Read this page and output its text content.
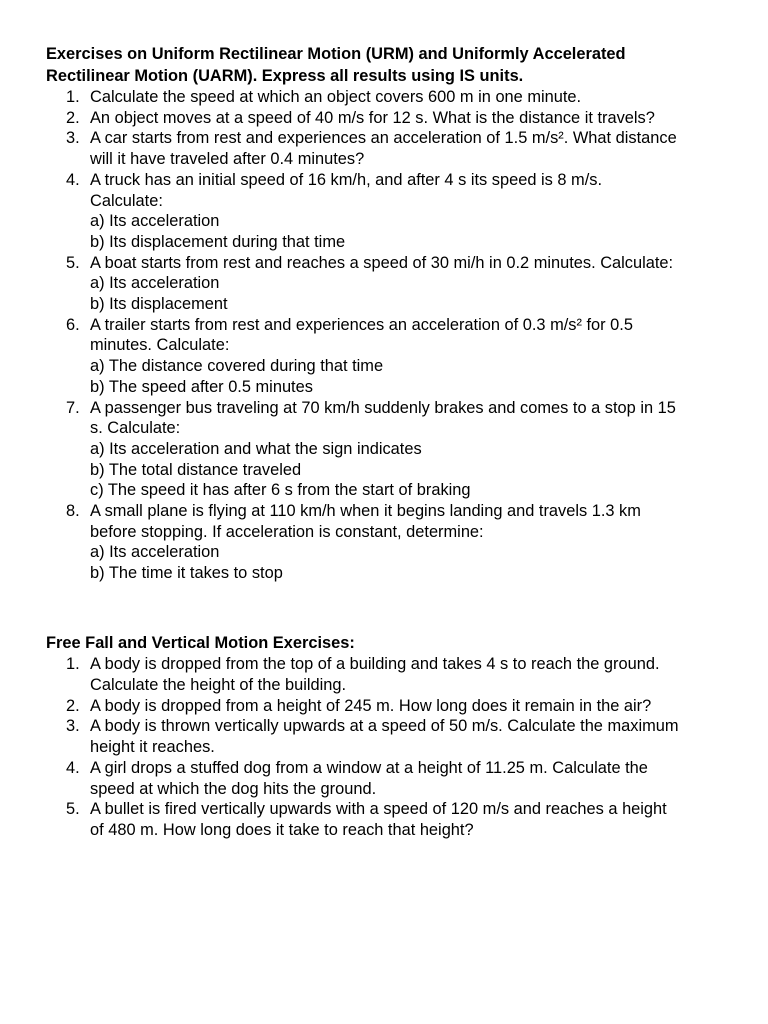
Exercises on Uniform Rectilinear Motion (URM) and Uniformly Accelerated
Rectilinear Motion (UARM). Express all results using IS units.
1. Calculate the speed at which an object covers 600 m in one minute.
2. An object moves at a speed of 40 m/s for 12 s. What is the distance it travels?
3. A car starts from rest and experiences an acceleration of 1.5 m/s². What distance
will it have traveled after 0.4 minutes?
4. A truck has an initial speed of 16 km/h, and after 4 s its speed is 8 m/s.
Calculate:
a) Its acceleration
b) Its displacement during that time
5. A boat starts from rest and reaches a speed of 30 mi/h in 0.2 minutes. Calculate:
a) Its acceleration
b) Its displacement
6. A trailer starts from rest and experiences an acceleration of 0.3 m/s² for 0.5
minutes. Calculate:
a) The distance covered during that time
b) The speed after 0.5 minutes
7. A passenger bus traveling at 70 km/h suddenly brakes and comes to a stop in 15
s. Calculate:
a) Its acceleration and what the sign indicates
b) The total distance traveled
c) The speed it has after 6 s from the start of braking
8. A small plane is flying at 110 km/h when it begins landing and travels 1.3 km
before stopping. If acceleration is constant, determine:
a) Its acceleration
b) The time it takes to stop
Free Fall and Vertical Motion Exercises:
1. A body is dropped from the top of a building and takes 4 s to reach the ground.
Calculate the height of the building.
2. A body is dropped from a height of 245 m. How long does it remain in the air?
3. A body is thrown vertically upwards at a speed of 50 m/s. Calculate the maximum
height it reaches.
4. A girl drops a stuffed dog from a window at a height of 11.25 m. Calculate the
speed at which the dog hits the ground.
5. A bullet is fired vertically upwards with a speed of 120 m/s and reaches a height
of 480 m. How long does it take to reach that height?
